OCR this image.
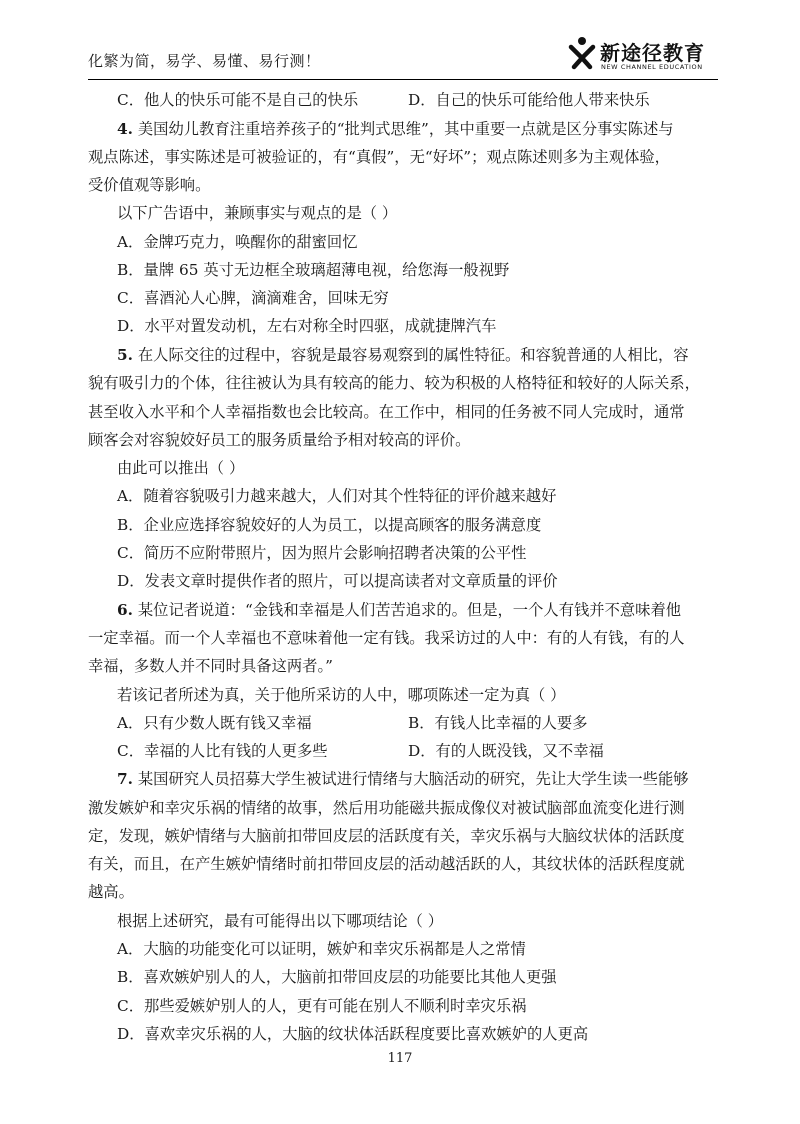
化繁为简，易学、易懂、易行测！	新途径教育
NEW CHANNEL EDUCATION
C．他人的快乐可能不是自己的快乐	D．自己的快乐可能给他人带来快乐
4. 美国幼儿教育注重培养孩子的“批判式思维”，其中重要一点就是区分事实陈述与
观点陈述，事实陈述是可被验证的，有“真假”，无“好坏”；观点陈述则多为主观体验，
受价值观等影响。
以下广告语中，兼顾事实与观点的是（ ）
A．金牌巧克力，唤醒你的甜蜜回忆
B．量牌 65 英寸无边框全玻璃超薄电视，给您海一般视野
C．喜酒沁人心脾，滴滴难舍，回味无穷
D．水平对置发动机，左右对称全时四驱，成就捷牌汽车
5. 在人际交往的过程中，容貌是最容易观察到的属性特征。和容貌普通的人相比，容
貌有吸引力的个体，往往被认为具有较高的能力、较为积极的人格特征和较好的人际关系，
甚至收入水平和个人幸福指数也会比较高。在工作中，相同的任务被不同人完成时，通常
顾客会对容貌姣好员工的服务质量给予相对较高的评价。
由此可以推出（ ）
A．随着容貌吸引力越来越大，人们对其个性特征的评价越来越好
B．企业应选择容貌姣好的人为员工，以提高顾客的服务满意度
C．简历不应附带照片，因为照片会影响招聘者决策的公平性
D．发表文章时提供作者的照片，可以提高读者对文章质量的评价
6. 某位记者说道：“金钱和幸福是人们苦苦追求的。但是，一个人有钱并不意味着他
一定幸福。而一个人幸福也不意味着他一定有钱。我采访过的人中：有的人有钱，有的人
幸福，多数人并不同时具备这两者。”
若该记者所述为真，关于他所采访的人中，哪项陈述一定为真（ ）
A．只有少数人既有钱又幸福	B．有钱人比幸福的人要多
C．幸福的人比有钱的人更多些	D．有的人既没钱，又不幸福
7. 某国研究人员招募大学生被试进行情绪与大脑活动的研究，先让大学生读一些能够
激发嫉妒和幸灾乐祸的情绪的故事，然后用功能磁共振成像仪对被试脑部血流变化进行测
定，发现，嫉妒情绪与大脑前扣带回皮层的活跃度有关，幸灾乐祸与大脑纹状体的活跃度
有关，而且，在产生嫉妒情绪时前扣带回皮层的活动越活跃的人，其纹状体的活跃程度就
越高。
根据上述研究，最有可能得出以下哪项结论（ ）
A．大脑的功能变化可以证明，嫉妒和幸灾乐祸都是人之常情
B．喜欢嫉妒别人的人，大脑前扣带回皮层的功能要比其他人更强
C．那些爱嫉妒别人的人，更有可能在别人不顺利时幸灾乐祸
D．喜欢幸灾乐祸的人，大脑的纹状体活跃程度要比喜欢嫉妒的人更高
117
